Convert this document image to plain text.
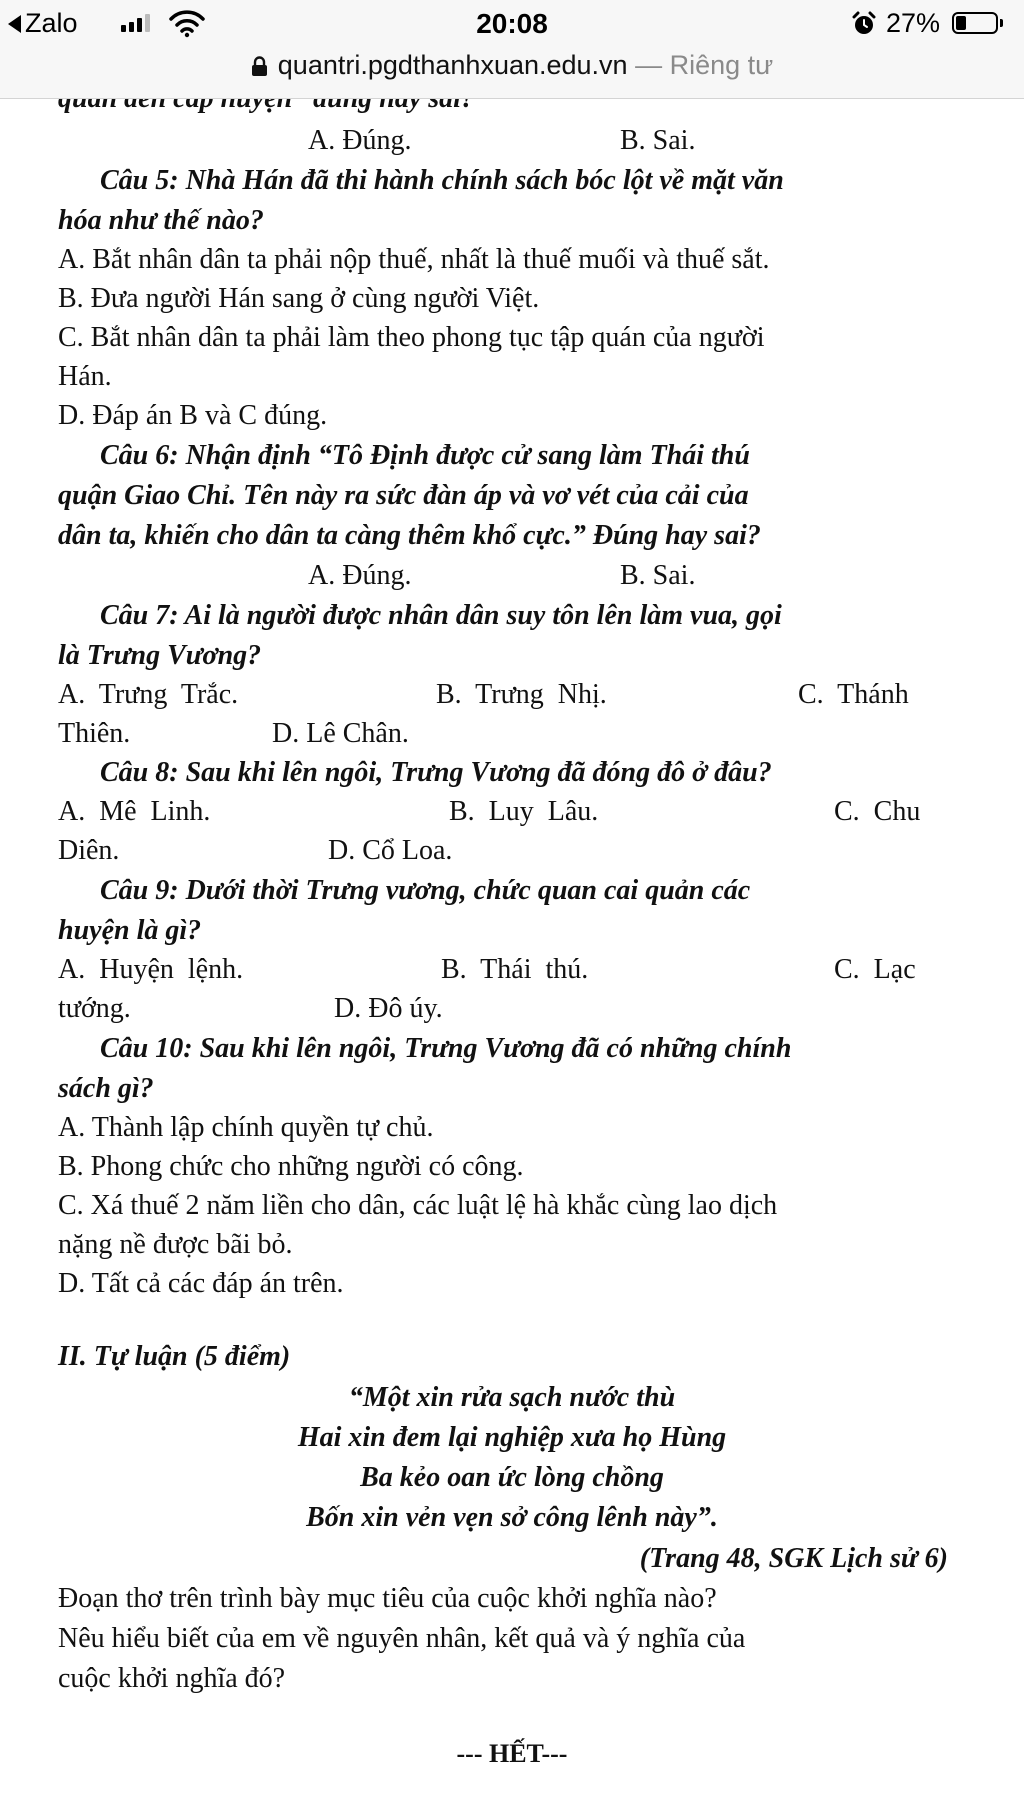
A. Đúng.	B. Sai.
Câu 5: Nhà Hán đã thi hành chính sách bóc lột về mặt văn
hóa như thế nào?
A. Bắt nhân dân ta phải nộp thuế, nhất là thuế muối và thuế sắt.
B. Đưa người Hán sang ở cùng người Việt.
C. Bắt nhân dân ta phải làm theo phong tục tập quán của người
Hán.
D. Đáp án B và C đúng.
Câu 6: Nhận định “Tô Định được cử sang làm Thái thú
quận Giao Chỉ. Tên này ra sức đàn áp và vơ vét của cải của
dân ta, khiến cho dân ta càng thêm khổ cực.” Đúng hay sai?
A. Đúng.	B. Sai.
Câu 7: Ai là người được nhân dân suy tôn lên làm vua, gọi
là Trưng Vương?
A.  Trưng  Trắc.	B.  Trưng  Nhị.	C.  Thánh
Thiên.	D. Lê Chân.
Câu 8: Sau khi lên ngôi, Trưng Vương đã đóng đô ở đâu?
A.  Mê  Linh.	B.  Luy  Lâu.	C.  Chu
Diên.	D. Cổ Loa.
Câu 9: Dưới thời Trưng vương, chức quan cai quản các
huyện là gì?
A.  Huyện  lệnh.	B.  Thái  thú.	C.  Lạc
tướng.	D. Đô úy.
Câu 10: Sau khi lên ngôi, Trưng Vương đã có những chính
sách gì?
A. Thành lập chính quyền tự chủ.
B. Phong chức cho những người có công.
C. Xá thuế 2 năm liền cho dân, các luật lệ hà khắc cùng lao dịch
nặng nề được bãi bỏ.
D. Tất cả các đáp án trên.
II. Tự luận (5 điểm)
“Một xin rửa sạch nước thù
Hai xin đem lại nghiệp xưa họ Hùng
Ba kẻo oan ức lòng chồng
Bốn xin vẻn vẹn sở công lênh này”.
(Trang 48, SGK Lịch sử 6)
Đoạn thơ trên trình bày mục tiêu của cuộc khởi nghĩa nào?
Nêu hiểu biết của em về nguyên nhân, kết quả và ý nghĩa của
cuộc khởi nghĩa đó?
--- HẾT---
Zalo	20:08	27%
quantri.pgdthanhxuan.edu.vn — Riêng tư
